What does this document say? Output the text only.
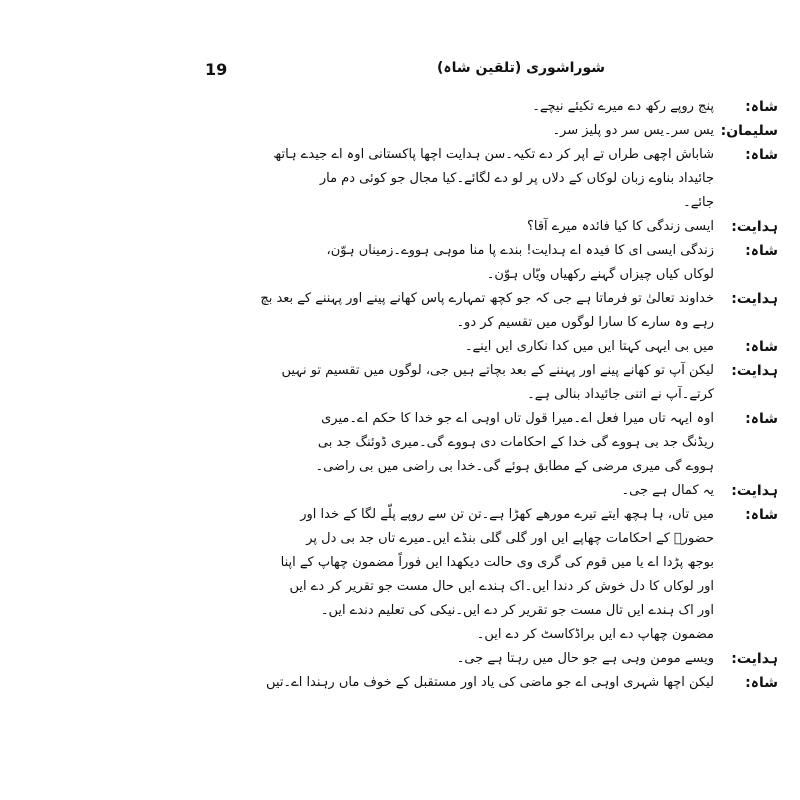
19	شوراشوری (تلقین شاہ)
شاہ:
پنج روپے رکھ دے میرے تکیئے نیچے۔
سلیمان:
یس سر۔یس سر دو پلیز سر۔
شاہ:
شاباش اچھی طراں تے اپر کر دے تکیہ۔سن ہدایت اچھا پاکستانی اوہ اے جیدے ہاتھ
جائیداد بناوے زبان لوکاں کے دلاں پر لو دے لگائے۔کیا مجال جو کوئی دم مار
جائے۔
ہدایت:
ایسی زندگی کا کیا فائدہ میرے آقا؟
شاہ:
زندگی ایسی ای کا فیدہ اے ہدایت! بندے پا منا موہی ہووے۔زمیناں ہوّن،
لوکاں کیاں چیزاں گہنے رکھیاں ویّاں ہوّن۔
ہدایت:
خداوند تعالیٰ تو فرماتا ہے جی کہ جو کچھ تمہارے پاس کھانے پینے اور پہننے کے بعد بچ
رہے وہ سارے کا سارا لوگوں میں تقسیم کر دو۔
شاہ:
میں بی ایہی کہتا ایں میں کدا نکاری ایں اینے۔
ہدایت:
لیکن آپ تو کھانے پینے اور پہننے کے بعد بچاتے ہیں جی، لوگوں میں تقسیم تو نہیں
کرتے۔آپ نے اتنی جائیداد بنالی ہے۔
شاہ:
اوہ ایہہ تاں میرا فعل اے۔میرا قول تاں اوہی اے جو خدا کا حکم اے۔میری
ریڈنگ جد بی ہووے گی خدا کے احکامات دی ہووے گی۔میری ڈوئنگ جد بی
ہووے گی میری مرضی کے مطابق ہوئے گی۔خدا بی راضی میں بی راضی۔
ہدایت:
یہ کمال ہے جی۔
شاہ:
میں تاں، ہا ہچھ ایتے تیرے مورھے کھڑا ہے۔تن تن سے روپے پلّے لگا کے خدا اور
حضورؐ کے احکامات چھاپے ایں اور گلی گلی بنڈے ایں۔میرے تاں جد بی دل پر
بوجھ پڑدا اے یا میں قوم کی گری وی حالت دیکھدا ایں فوراً مضمون چھاپ کے اپنا
اور لوکاں کا دل خوش کر دندا ایں۔اک ہندے ایں حال مست جو تقریر کر دے ایں
اور اک ہندے ایں تال مست جو تقریر کر دے ایں۔نیکی کی تعلیم دندے ایں۔
مضمون چھاپ دے ایں براڈکاسٹ کر دے ایں۔
ہدایت:
ویسے مومن وہی ہے جو حال میں رہتا ہے جی۔
شاہ:
لیکن اچھا شہری اوہی اے جو ماضی کی یاد اور مستقبل کے خوف ماں رہندا اے۔تیں
